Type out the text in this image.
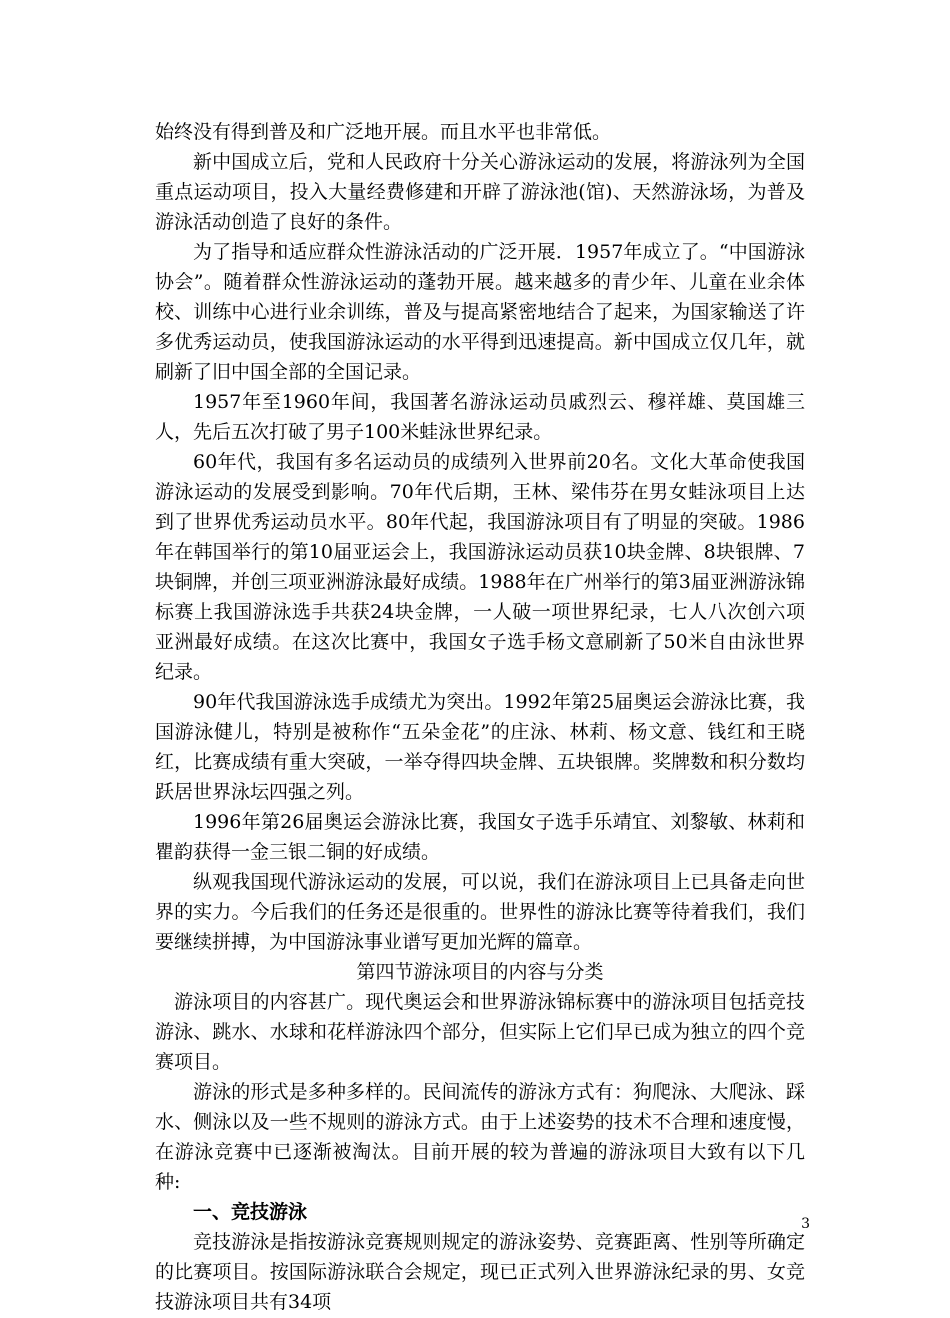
始终没有得到普及和广泛地开展。而且水平也非常低。

新中国成立后，党和人民政府十分关心游泳运动的发展，将游泳列为全国重点运动项目，投入大量经费修建和开辟了游泳池(馆)、天然游泳场，为普及游泳活动创造了良好的条件。

为了指导和适应群众性游泳活动的广泛开展．1957年成立了。“中国游泳协会”。随着群众性游泳运动的蓬勃开展。越来越多的青少年、儿童在业余体校、训练中心进行业余训练，普及与提高紧密地结合了起来，为国家输送了许多优秀运动员，使我国游泳运动的水平得到迅速提高。新中国成立仅几年，就刷新了旧中国全部的全国记录。

1957年至1960年间，我国著名游泳运动员戚烈云、穆祥雄、莫国雄三人，先后五次打破了男子100米蛙泳世界纪录。

60年代，我国有多名运动员的成绩列入世界前20名。文化大革命使我国游泳运动的发展受到影响。70年代后期，王林、梁伟芬在男女蛙泳项目上达到了世界优秀运动员水平。80年代起，我国游泳项目有了明显的突破。1986年在韩国举行的第10届亚运会上，我国游泳运动员获10块金牌、8块银牌、7块铜牌，并创三项亚洲游泳最好成绩。1988年在广州举行的第3届亚洲游泳锦标赛上我国游泳选手共获24块金牌，一人破一项世界纪录，七人八次创六项亚洲最好成绩。在这次比赛中，我国女子选手杨文意刷新了50米自由泳世界纪录。

90年代我国游泳选手成绩尤为突出。1992年第25届奥运会游泳比赛，我国游泳健儿，特别是被称作“五朵金花”的庄泳、林莉、杨文意、钱红和王晓红，比赛成绩有重大突破，一举夺得四块金牌、五块银牌。奖牌数和积分数均跃居世界泳坛四强之列。

1996年第26届奥运会游泳比赛，我国女子选手乐靖宜、刘黎敏、林莉和瞿韵获得一金三银二铜的好成绩。

纵观我国现代游泳运动的发展，可以说，我们在游泳项目上已具备走向世界的实力。今后我们的任务还是很重的。世界性的游泳比赛等待着我们，我们要继续拼搏，为中国游泳事业谱写更加光辉的篇章。

第四节游泳项目的内容与分类

游泳项目的内容甚广。现代奥运会和世界游泳锦标赛中的游泳项目包括竞技游泳、跳水、水球和花样游泳四个部分，但实际上它们早已成为独立的四个竞赛项目。

游泳的形式是多种多样的。民间流传的游泳方式有：狗爬泳、大爬泳、踩水、侧泳以及一些不规则的游泳方式。由于上述姿势的技术不合理和速度慢，在游泳竞赛中已逐渐被淘汰。目前开展的较为普遍的游泳项目大致有以下几种:

一、竞技游泳

竞技游泳是指按游泳竞赛规则规定的游泳姿势、竞赛距离、性别等所确定的比赛项目。按国际游泳联合会规定，现已正式列入世界游泳纪录的男、女竞技游泳项目共有34项

3
